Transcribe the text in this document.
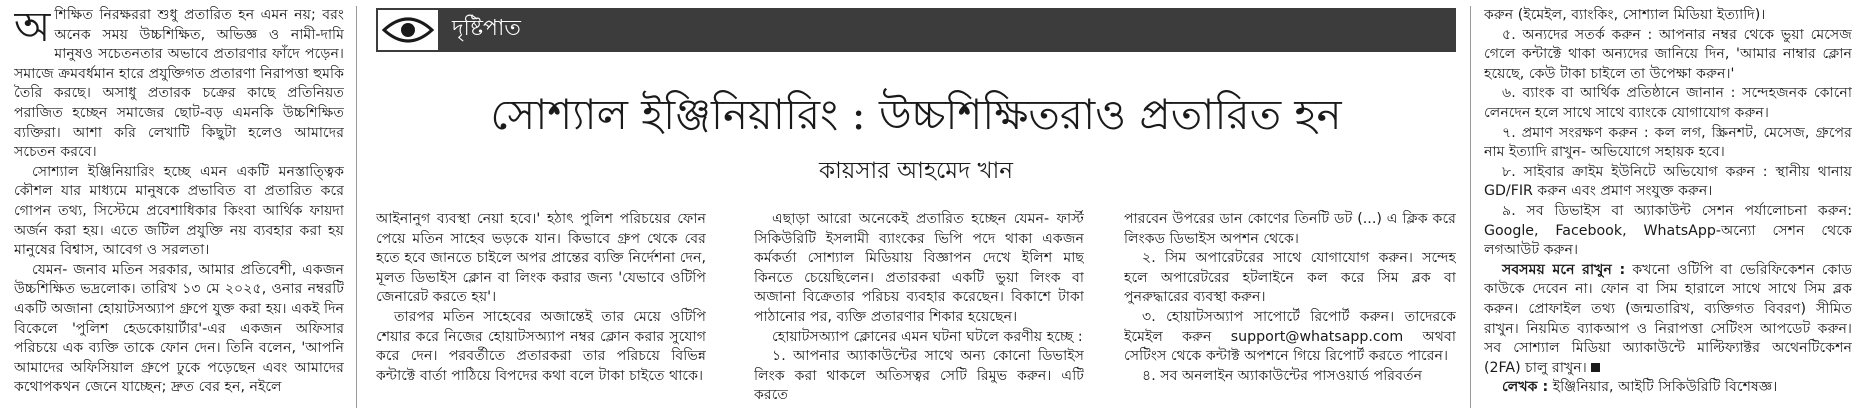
অশিক্ষিত নিরক্ষররা শুধু প্রতারিত হন এমন নয়; বরং অনেক সময় উচ্চশিক্ষিত, অভিজ্ঞ ও নামী-দামি মানুষও সচেতনতার অভাবে প্রতারণার ফাঁদে পড়েন। সমাজে ক্রমবর্ধমান হারে প্রযুক্তিগত প্রতারণা নিরাপত্তা হুমকি তৈরি করছে। অসাধু প্রতারক চক্রের কাছে প্রতিনিয়ত পরাজিত হচ্ছেন সমাজের ছোট-বড় এমনকি উচ্চশিক্ষিত ব্যক্তিরা। আশা করি লেখাটি কিছুটা হলেও আমাদের সচেতন করবে।

সোশ্যাল ইঞ্জিনিয়ারিং হচ্ছে এমন একটি মনস্তাত্ত্বিক কৌশল যার মাধ্যমে মানুষকে প্রভাবিত বা প্রতারিত করে গোপন তথ্য, সিস্টেমে প্রবেশাধিকার কিংবা আর্থিক ফায়দা অর্জন করা হয়। এতে জটিল প্রযুক্তি নয় ব্যবহার করা হয় মানুষের বিশ্বাস, আবেগ ও সরলতা।

যেমন- জনাব মতিন সরকার, আমার প্রতিবেশী, একজন উচ্চশিক্ষিত ভদ্রলোক। তারিখ ১৩ মে ২০২৫, ওনার নম্বরটি একটি অজানা হোয়াটসঅ্যাপ গ্রুপে যুক্ত করা হয়। একই দিন বিকেলে 'পুলিশ হেডকোয়ার্টার'-এর একজন অফিসার পরিচয়ে এক ব্যক্তি তাকে ফোন দেন। তিনি বলেন, 'আপনি আমাদের অফিসিয়াল গ্রুপে ঢুকে পড়েছেন এবং আমাদের কথোপকথন জেনে যাচ্ছেন; দ্রুত বের হন, নইলে

দৃষ্টিপাত
সোশ্যাল ইঞ্জিনিয়ারিং : উচ্চশিক্ষিতরাও প্রতারিত হন
কায়সার আহমেদ খান

আইনানুগ ব্যবস্থা নেয়া হবে।' হঠাৎ পুলিশ পরিচয়ের ফোন পেয়ে মতিন সাহেব ভড়কে যান। কিভাবে গ্রুপ থেকে বের হতে হবে জানতে চাইলে অপর প্রান্তের ব্যক্তি নির্দেশনা দেন, মূলত ডিভাইস ক্লোন বা লিংক করার জন্য 'যেভাবে ওটিপি জেনারেট করতে হয়'।

তারপর মতিন সাহেবের অজান্তেই তার মেয়ে ওটিপি শেয়ার করে নিজের হোয়াটসঅ্যাপ নম্বর ক্লোন করার সুযোগ করে দেন। পরবর্তীতে প্রতারকরা তার পরিচয়ে বিভিন্ন কন্টাক্টে বার্তা পাঠিয়ে বিপদের কথা বলে টাকা চাইতে থাকে।

এছাড়া আরো অনেকেই প্রতারিত হচ্ছেন যেমন- ফার্স্ট সিকিউরিটি ইসলামী ব্যাংকের ভিপি পদে থাকা একজন কর্মকর্তা সোশ্যাল মিডিয়ায় বিজ্ঞাপন দেখে ইলিশ মাছ কিনতে চেয়েছিলেন। প্রতারকরা একটি ভুয়া লিংক বা অজানা বিক্রেতার পরিচয় ব্যবহার করেছেন। বিকাশে টাকা পাঠানোর পর, ব্যক্তি প্রতারণার শিকার হয়েছেন।

হোয়াটসঅ্যাপ ক্লোনের এমন ঘটনা ঘটলে করণীয় হচ্ছে :

১. আপনার অ্যাকাউন্টের সাথে অন্য কোনো ডিভাইস লিংক করা থাকলে অতিসত্বর সেটি রিমুভ করুন। এটি করতে

পারবেন উপরের ডান কোণের তিনটি ডট (...) এ ক্লিক করে লিংকড ডিভাইস অপশন থেকে।

২. সিম অপারেটরের সাথে যোগাযোগ করুন। সন্দেহ হলে অপারেটরের হটলাইনে কল করে সিম ব্লক বা পুনরুদ্ধারের ব্যবস্থা করুন।

৩. হোয়াটসঅ্যাপ সাপোর্টে রিপোর্ট করুন। তাদেরকে ইমেইল করুন support@whatsapp.com অথবা সেটিংস থেকে কন্টাক্ট অপশনে গিয়ে রিপোর্ট করতে পারেন।

৪. সব অনলাইন অ্যাকাউন্টের পাসওয়ার্ড পরিবর্তন

করুন (ইমেইল, ব্যাংকিং, সোশ্যাল মিডিয়া ইত্যাদি)।

৫. অন্যদের সতর্ক করুন : আপনার নম্বর থেকে ভুয়া মেসেজ গেলে কন্টাক্টে থাকা অন্যদের জানিয়ে দিন, 'আমার নাম্বার ক্লোন হয়েছে, কেউ টাকা চাইলে তা উপেক্ষা করুন।'

৬. ব্যাংক বা আর্থিক প্রতিষ্ঠানে জানান : সন্দেহজনক কোনো লেনদেন হলে সাথে সাথে ব্যাংকে যোগাযোগ করুন।

৭. প্রমাণ সংরক্ষণ করুন : কল লগ, স্ক্রিনশট, মেসেজ, গ্রুপের নাম ইত্যাদি রাখুন- অভিযোগে সহায়ক হবে।

৮. সাইবার ক্রাইম ইউনিটে অভিযোগ করুন : স্থানীয় থানায় GD/FIR করুন এবং প্রমাণ সংযুক্ত করুন।

৯. সব ডিভাইস বা অ্যাকাউন্ট সেশন পর্যালোচনা করুন: Google, Facebook, WhatsApp-অন্যো সেশন থেকে লগআউট করুন।

সবসময় মনে রাখুন : কখনো ওটিপি বা ভেরিফিকেশন কোড কাউকে দেবেন না। ফোন বা সিম হারালে সাথে সাথে সিম ব্লক করুন। প্রোফাইল তথ্য (জন্মতারিখ, ব্যক্তিগত বিবরণ) সীমিত রাখুন। নিয়মিত ব্যাকআপ ও নিরাপত্তা সেটিংস আপডেট করুন। সব সোশ্যাল মিডিয়া অ্যাকাউন্টে মাল্টিফ্যাক্টর অথেনটিকেশন (2FA) চালু রাখুন।

লেখক : ইঞ্জিনিয়ার, আইটি সিকিউরিটি বিশেষজ্ঞ।
